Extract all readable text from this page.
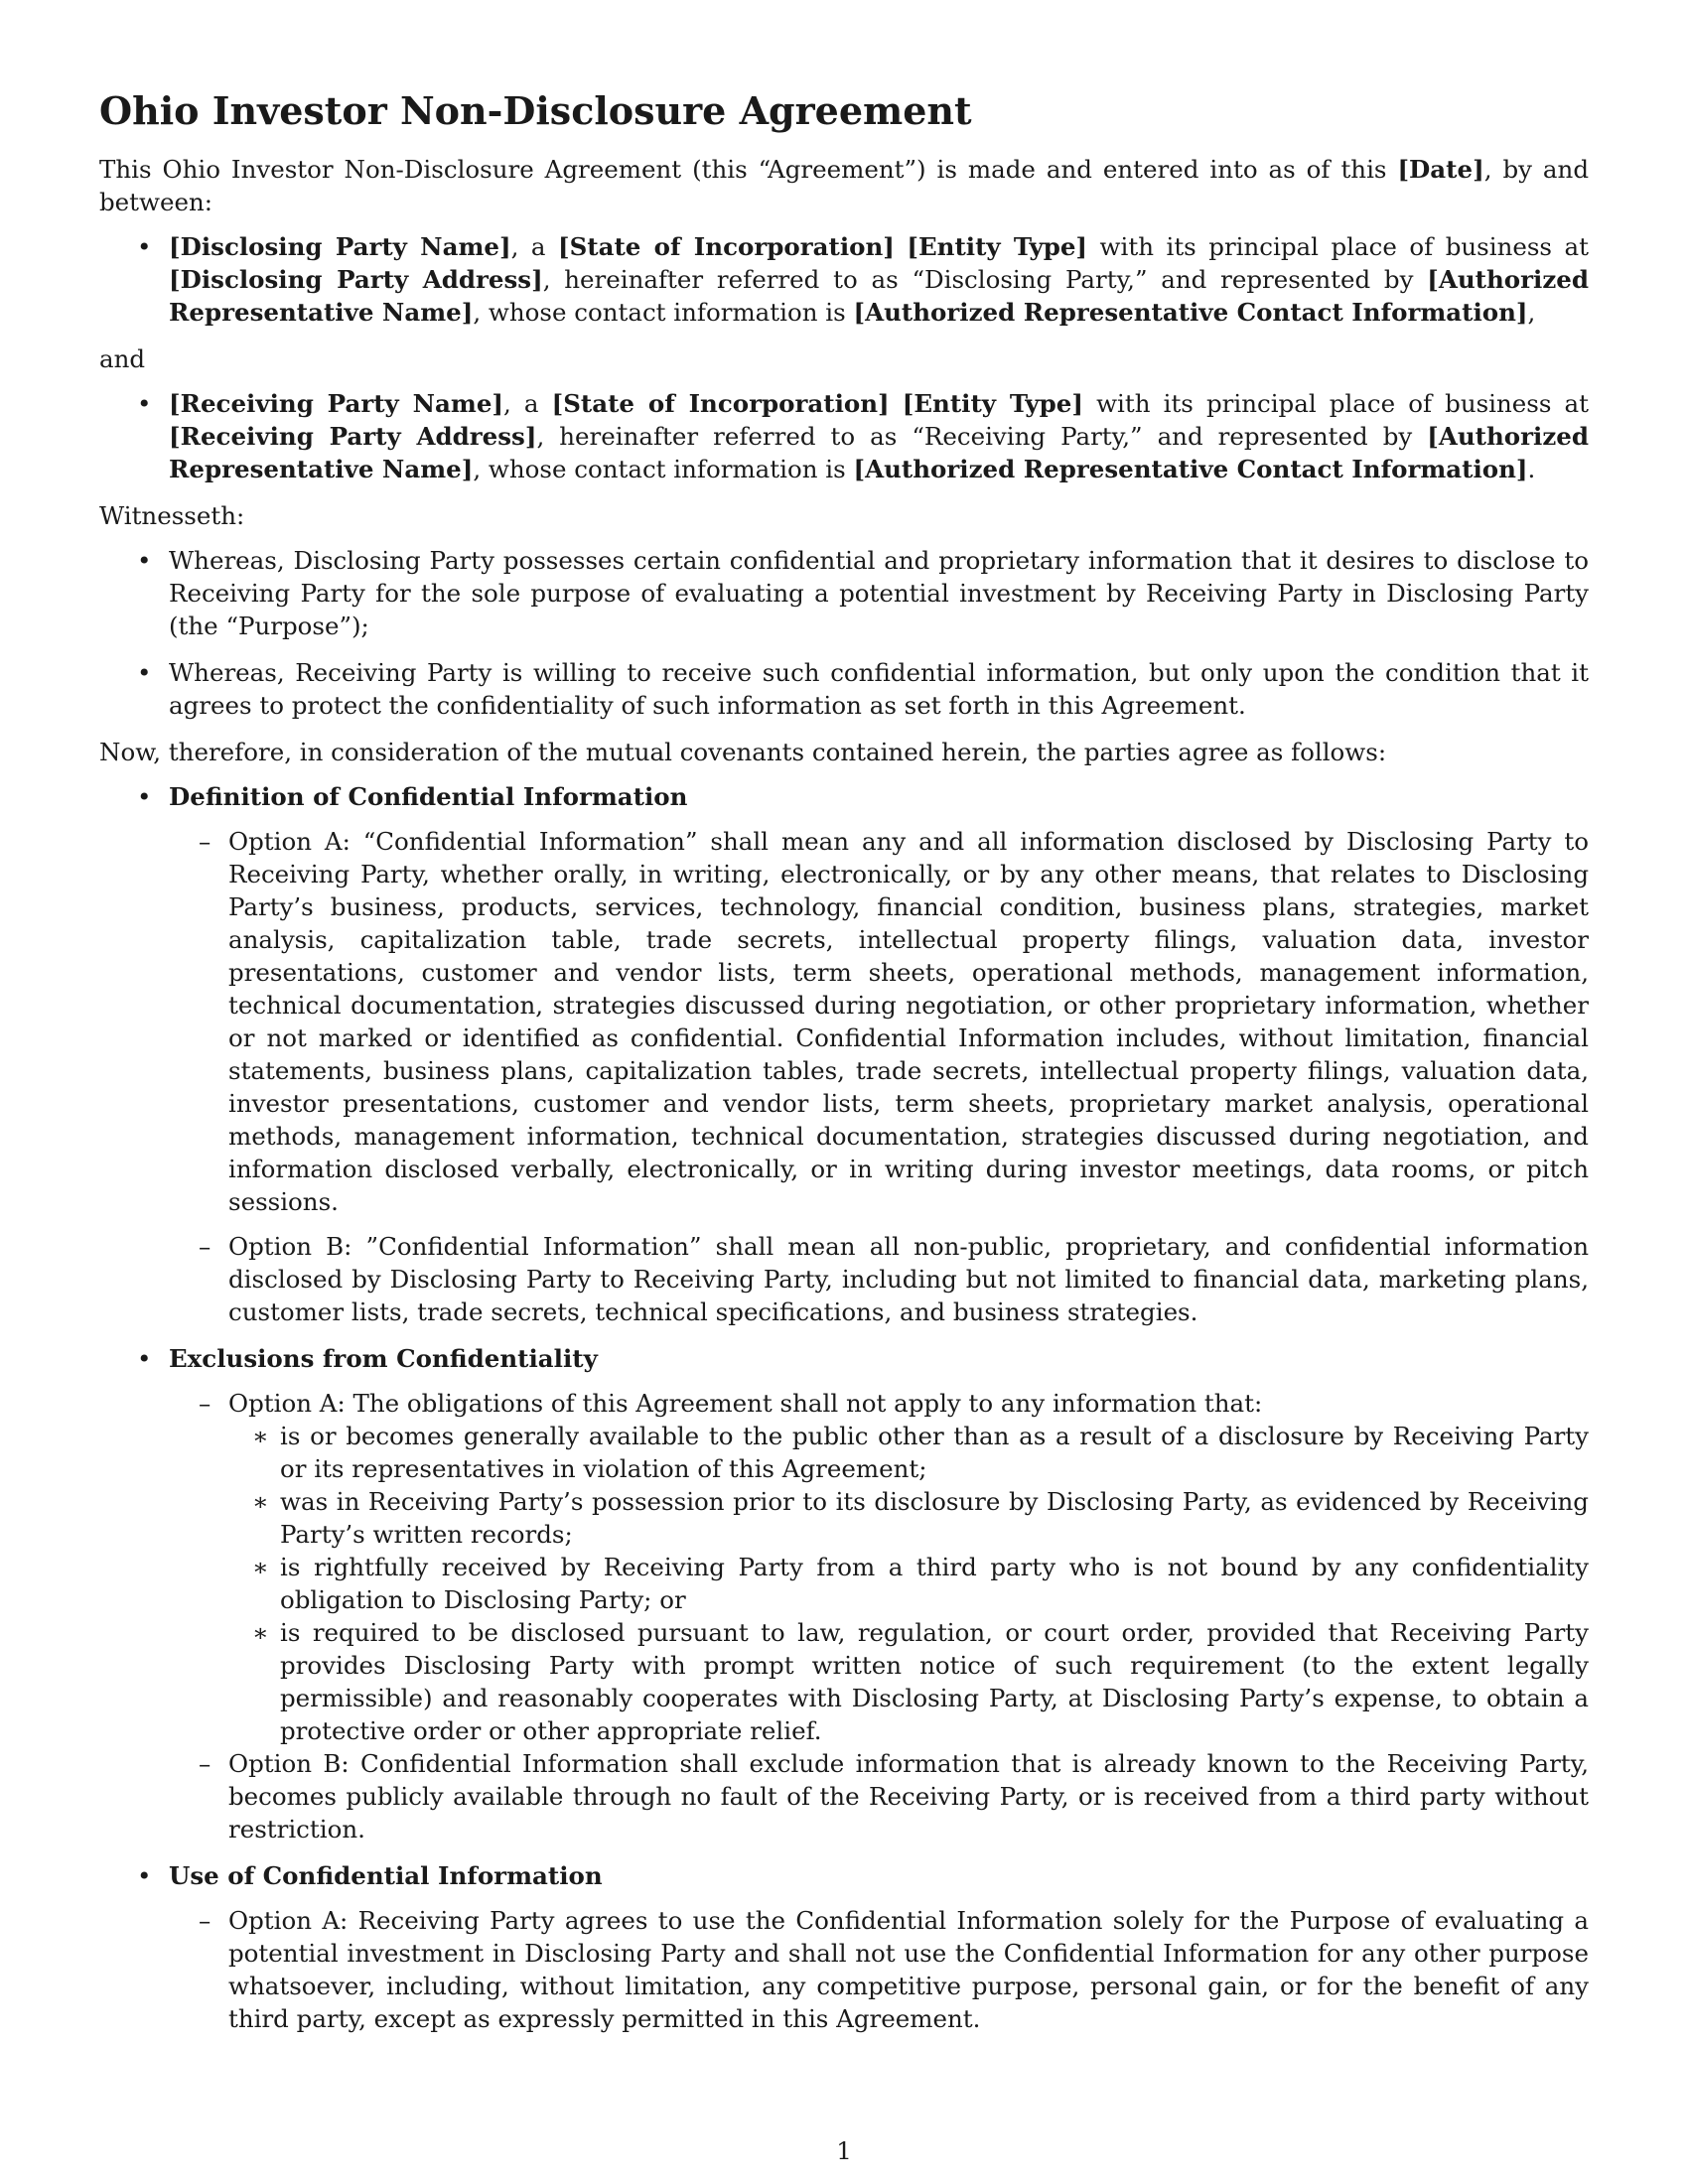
Ohio Investor Non-Disclosure Agreement

This Ohio Investor Non-Disclosure Agreement (this “Agreement”) is made and entered into as of this [Date], by and between:

• [Disclosing Party Name], a [State of Incorporation] [Entity Type] with its principal place of business at [Disclosing Party Address], hereinafter referred to as “Disclosing Party,” and represented by [Authorized Representative Name], whose contact information is [Authorized Representative Contact Information],

and

• [Receiving Party Name], a [State of Incorporation] [Entity Type] with its principal place of business at [Receiving Party Address], hereinafter referred to as “Receiving Party,” and represented by [Authorized Representative Name], whose contact information is [Authorized Representative Contact Information].

Witnesseth:

• Whereas, Disclosing Party possesses certain confidential and proprietary information that it desires to disclose to Receiving Party for the sole purpose of evaluating a potential investment by Receiving Party in Disclosing Party (the “Purpose”);
• Whereas, Receiving Party is willing to receive such confidential information, but only upon the condition that it agrees to protect the confidentiality of such information as set forth in this Agreement.

Now, therefore, in consideration of the mutual covenants contained herein, the parties agree as follows:

• Definition of Confidential Information
– Option A: “Confidential Information” shall mean any and all information disclosed by Disclosing Party to Receiving Party, whether orally, in writing, electronically, or by any other means, that relates to Disclosing Party’s business, products, services, technology, financial condition, business plans, strategies, market analysis, capitalization table, trade secrets, intellectual property filings, valuation data, investor presentations, customer and vendor lists, term sheets, operational methods, management information, technical documentation, strategies discussed during negotiation, or other proprietary information, whether or not marked or identified as confidential. Confidential Information includes, without limitation, financial statements, business plans, capitalization tables, trade secrets, intellectual property filings, valuation data, investor presentations, customer and vendor lists, term sheets, proprietary market analysis, operational methods, management information, technical documentation, strategies discussed during negotiation, and information disclosed verbally, electronically, or in writing during investor meetings, data rooms, or pitch sessions.
– Option B: ”Confidential Information” shall mean all non-public, proprietary, and confidential information disclosed by Disclosing Party to Receiving Party, including but not limited to financial data, marketing plans, customer lists, trade secrets, technical specifications, and business strategies.
• Exclusions from Confidentiality
– Option A: The obligations of this Agreement shall not apply to any information that:
∗ is or becomes generally available to the public other than as a result of a disclosure by Receiving Party or its representatives in violation of this Agreement;
∗ was in Receiving Party’s possession prior to its disclosure by Disclosing Party, as evidenced by Receiving Party’s written records;
∗ is rightfully received by Receiving Party from a third party who is not bound by any confidentiality obligation to Disclosing Party; or
∗ is required to be disclosed pursuant to law, regulation, or court order, provided that Receiving Party provides Disclosing Party with prompt written notice of such requirement (to the extent legally permissible) and reasonably cooperates with Disclosing Party, at Disclosing Party’s expense, to obtain a protective order or other appropriate relief.
– Option B: Confidential Information shall exclude information that is already known to the Receiving Party, becomes publicly available through no fault of the Receiving Party, or is received from a third party without restriction.
• Use of Confidential Information
– Option A: Receiving Party agrees to use the Confidential Information solely for the Purpose of evaluating a potential investment in Disclosing Party and shall not use the Confidential Information for any other purpose whatsoever, including, without limitation, any competitive purpose, personal gain, or for the benefit of any third party, except as expressly permitted in this Agreement.
1
